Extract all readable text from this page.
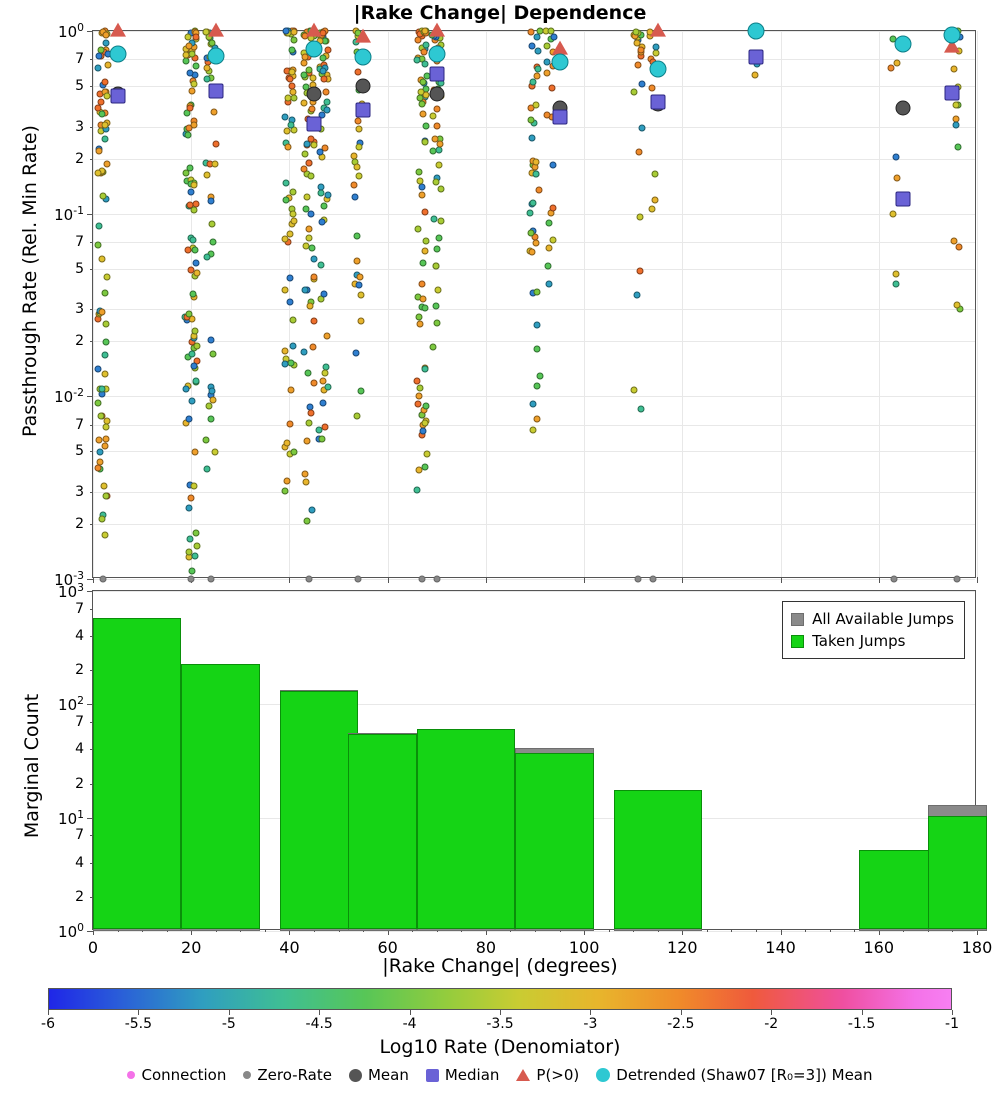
|Rake Change| Dependence
Passthrough Rate (Rel. Min Rate)
Marginal Count
|Rake Change| (degrees)
$10^0$
$10^{-1}$
$10^{-2}$
$10^{-3}$
7
5
3
2
7
5
3
2
7
5
3
2
All Available Jumps
Taken Jumps
$10^3$
$10^2$
$10^1$
$10^0$
7
4
2
7
4
2
7
4
2
0	20	40	60	80	100	120	140	160	180
-6	-5.5	-5	-4.5	-4	-3.5	-3	-2.5	-2	-1.5	-1
Log10 Rate (Denomiator)
Connection Zero-Rate Mean Median P(>0) Detrended (Shaw07 [R₀=3]) Mean
